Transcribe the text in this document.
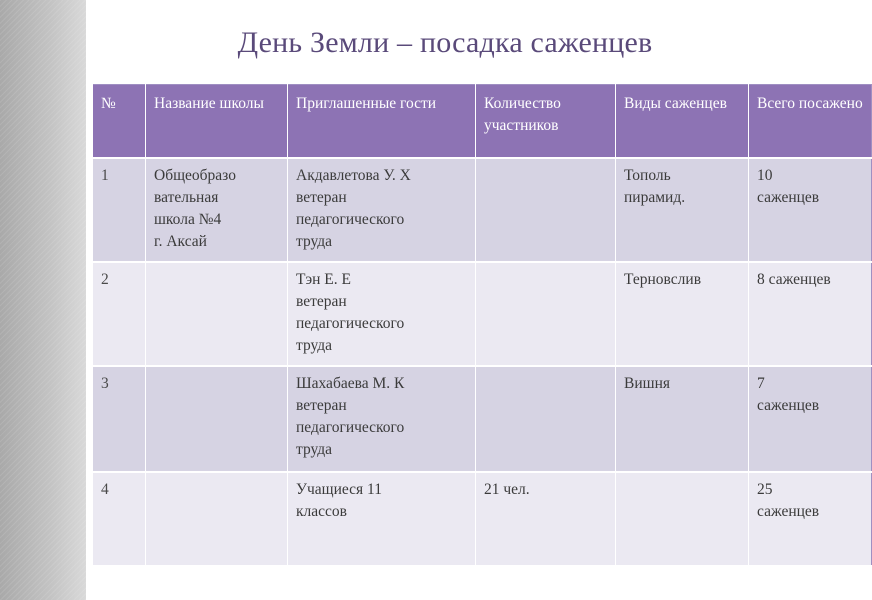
День Земли – посадка саженцев
№	Название школы	Приглашенные гости	Количество участников	Виды саженцев	Всего посажено
1	Общеобразо
вательная
школа №4
г. Аксай	Акдавлетова У. Х
ветеран
педагогического
труда		Тополь
пирамид.	10
саженцев
2		Тэн Е. Е
ветеран
педагогического
труда		Терновслив	8 саженцев
3		Шахабаева М. К
ветеран
педагогического
труда		Вишня	7
саженцев
4		Учащиеся 11
классов	21 чел.		25
саженцев
